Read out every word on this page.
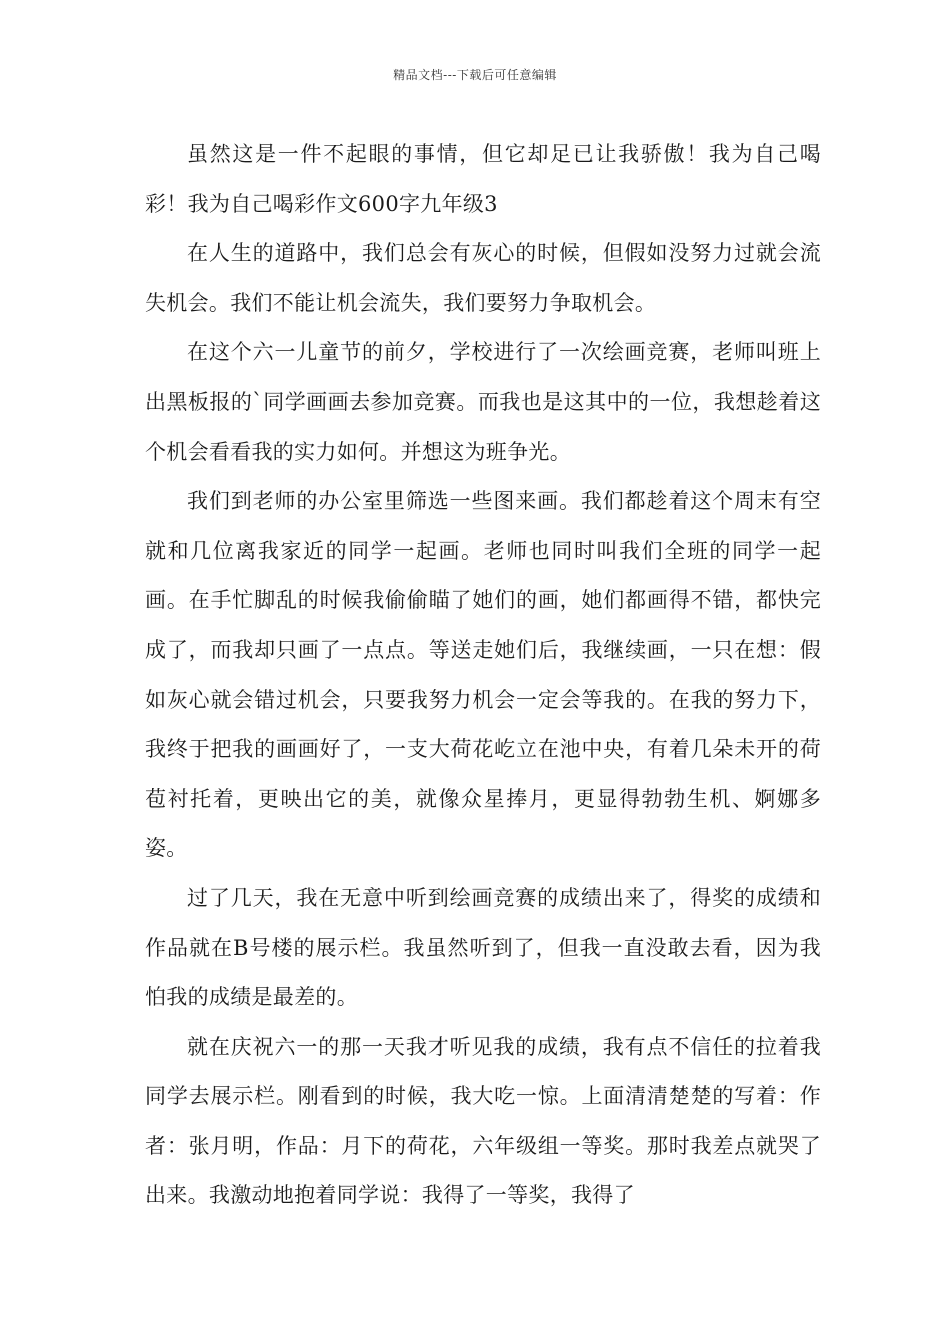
精品文档---下载后可任意编辑

虽然这是一件不起眼的事情，但它却足已让我骄傲！我为自己喝彩！我为自己喝彩作文600字九年级3

在人生的道路中，我们总会有灰心的时候，但假如没努力过就会流失机会。我们不能让机会流失，我们要努力争取机会。

在这个六一儿童节的前夕，学校进行了一次绘画竞赛，老师叫班上出黑板报的`同学画画去参加竞赛。而我也是这其中的一位，我想趁着这个机会看看我的实力如何。并想这为班争光。

我们到老师的办公室里筛选一些图来画。我们都趁着这个周末有空就和几位离我家近的同学一起画。老师也同时叫我们全班的同学一起画。在手忙脚乱的时候我偷偷瞄了她们的画，她们都画得不错，都快完成了，而我却只画了一点点。等送走她们后，我继续画，一只在想：假如灰心就会错过机会，只要我努力机会一定会等我的。在我的努力下，我终于把我的画画好了，一支大荷花屹立在池中央，有着几朵未开的荷苞衬托着，更映出它的美，就像众星捧月，更显得勃勃生机、婀娜多姿。

过了几天，我在无意中听到绘画竞赛的成绩出来了，得奖的成绩和作品就在B号楼的展示栏。我虽然听到了，但我一直没敢去看，因为我怕我的成绩是最差的。

就在庆祝六一的那一天我才听见我的成绩，我有点不信任的拉着我同学去展示栏。刚看到的时候，我大吃一惊。上面清清楚楚的写着：作者：张月明，作品：月下的荷花，六年级组一等奖。那时我差点就哭了出来。我激动地抱着同学说：我得了一等奖，我得了
